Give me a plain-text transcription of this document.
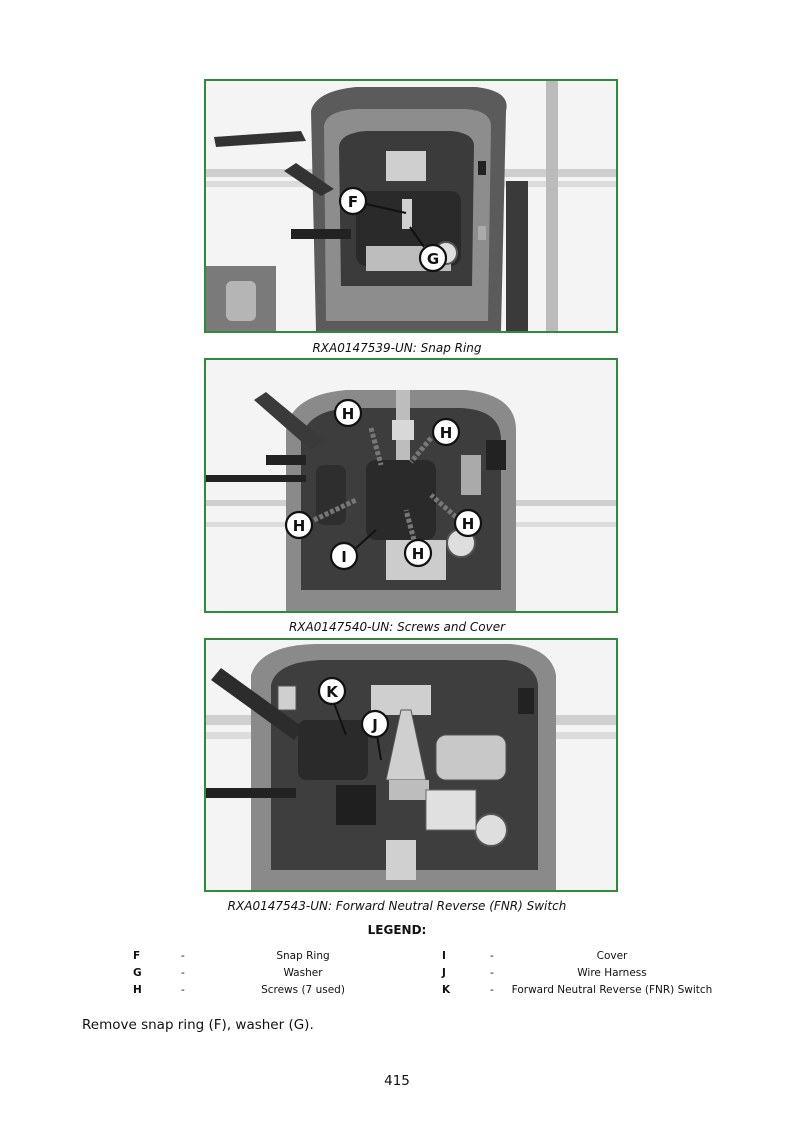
F
G
RXA0147539-UN: Snap Ring
H
H
H	H
I	H
RXA0147540-UN: Screws and Cover
K
J
RXA0147543-UN: Forward Neutral Reverse (FNR) Switch
LEGEND:
F	-	Snap Ring	I	-	Cover
G	-	Washer	J	-	Wire Harness
H	-	Screws (7 used)	K	-	Forward Neutral Reverse (FNR) Switch
Remove snap ring (F), washer (G).
415
